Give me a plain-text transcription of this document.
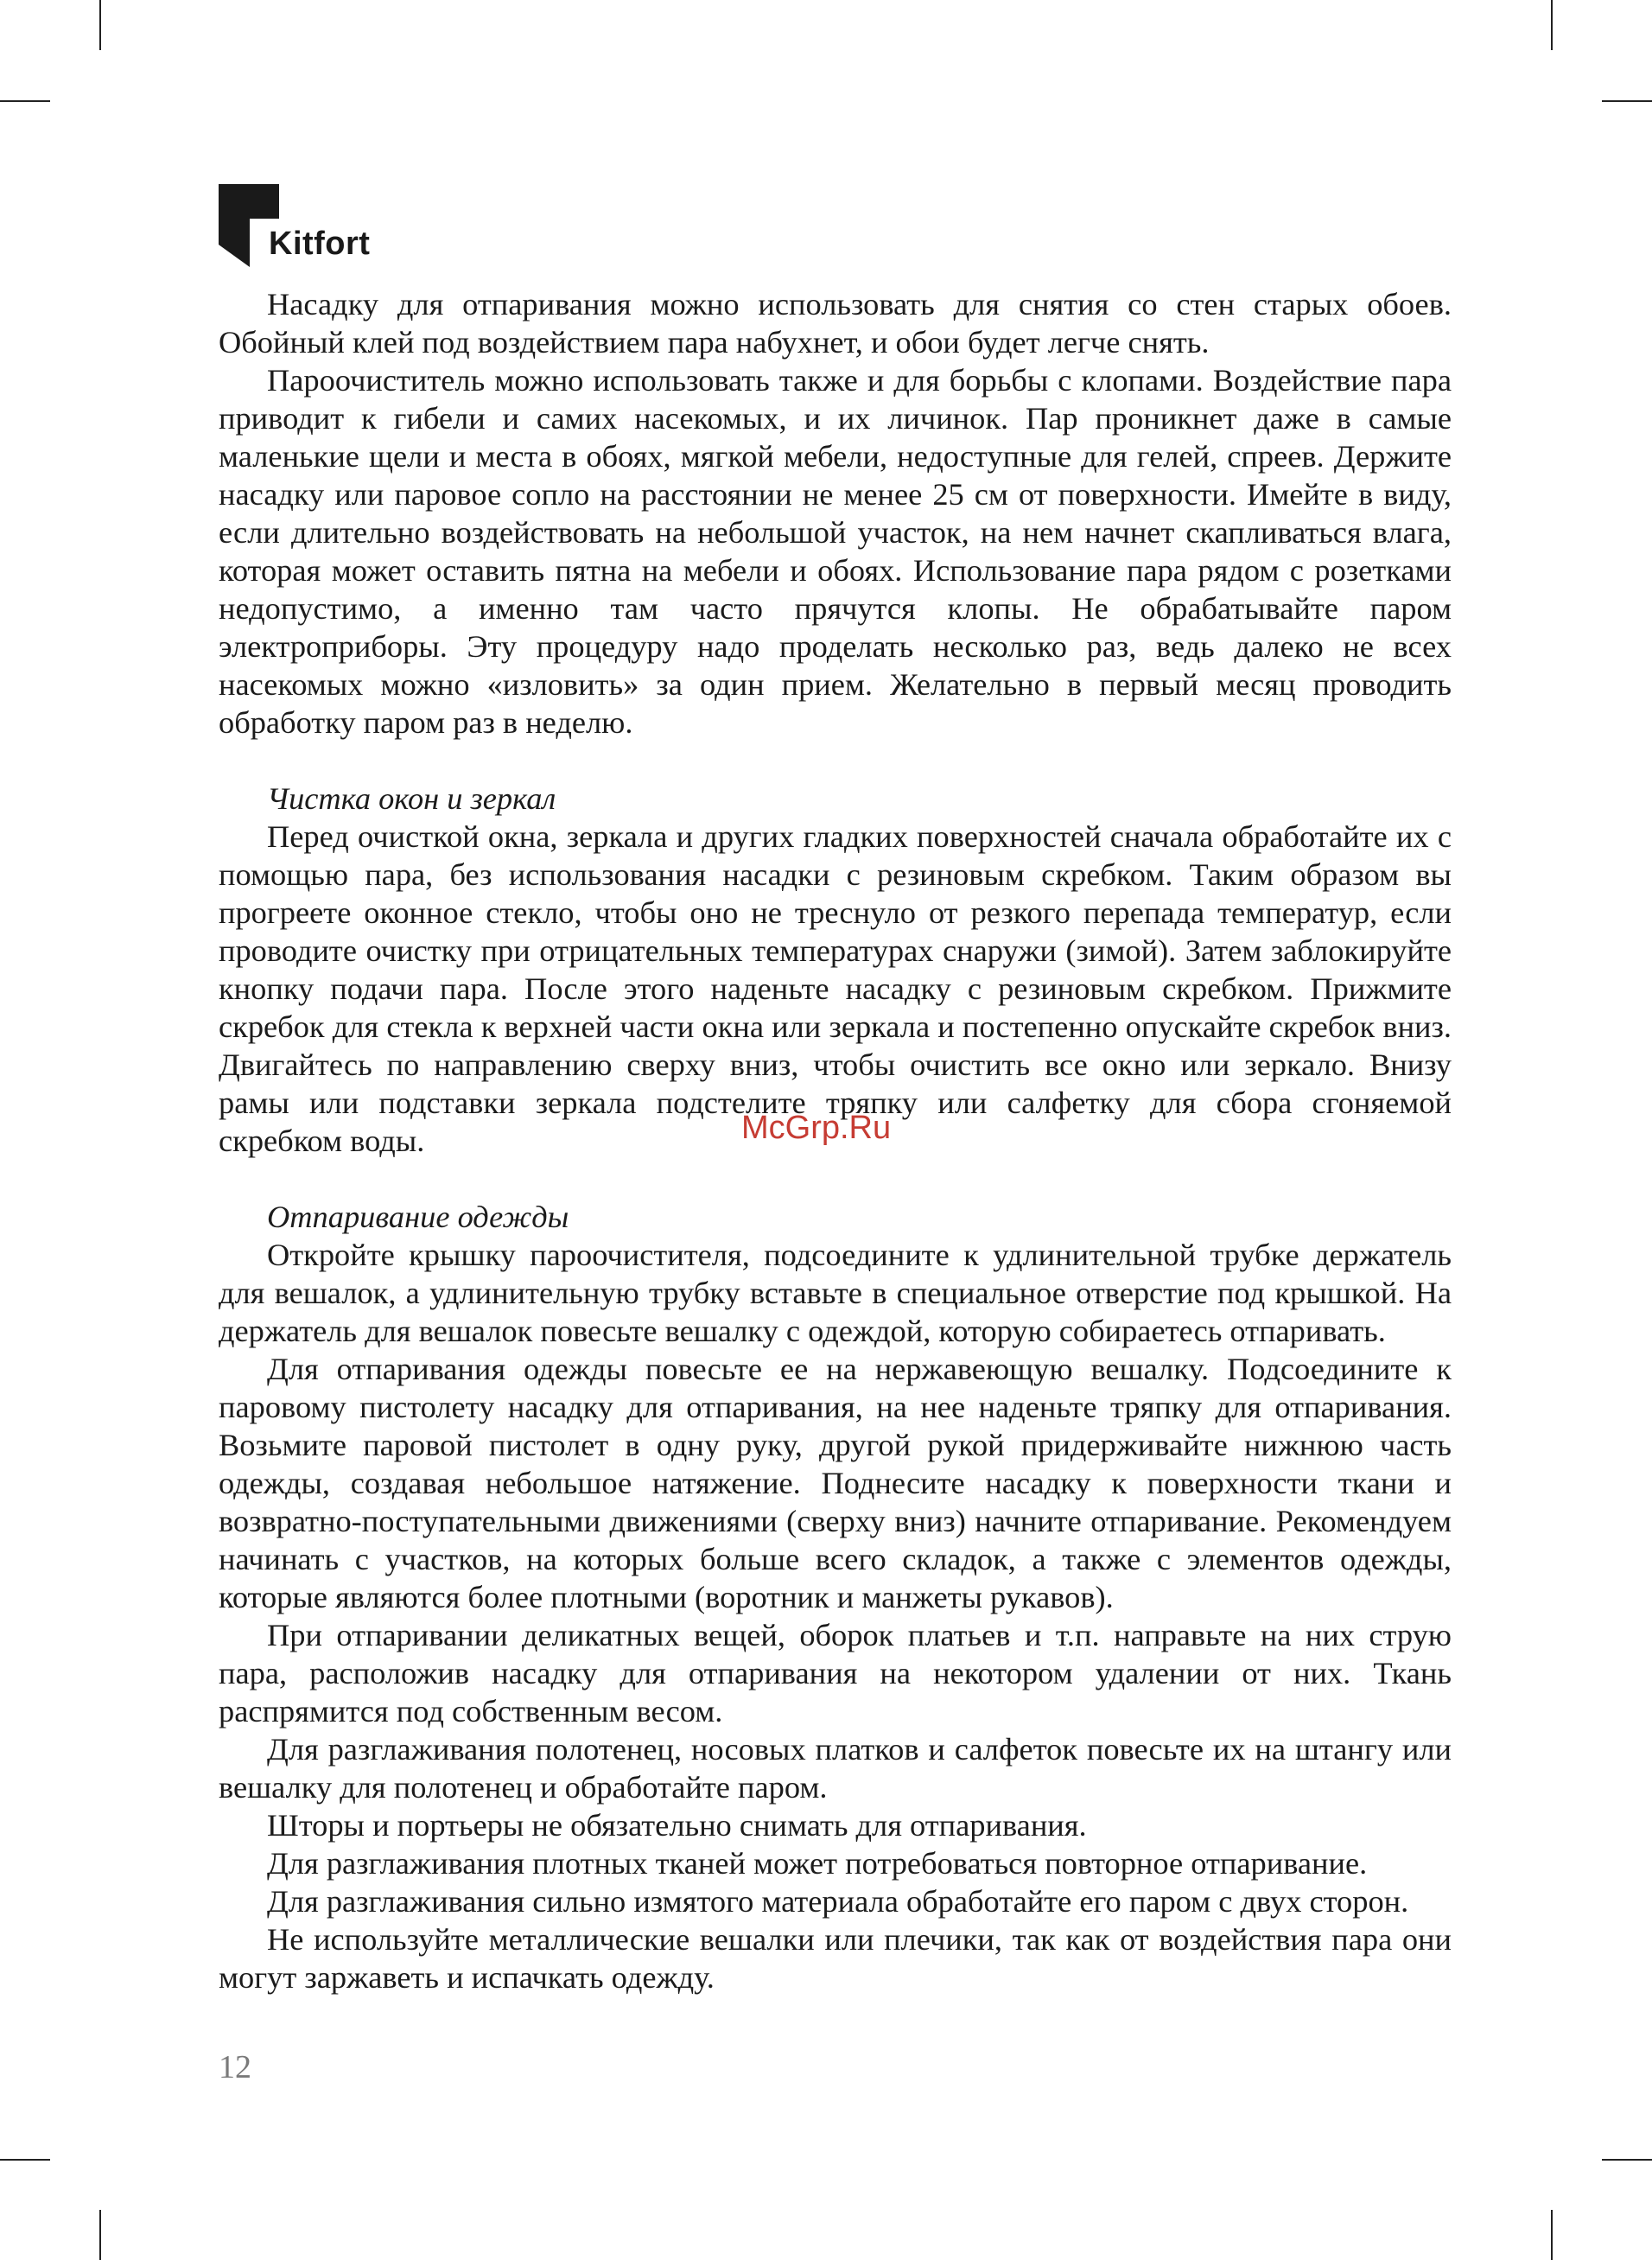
Kitfort

Насадку для отпаривания можно использовать для снятия со стен старых обоев. Обойный клей под воздействием пара набухнет, и обои будет легче снять.

Пароочиститель можно использовать также и для борьбы с клопами. Воздействие пара приводит к гибели и самих насекомых, и их личинок. Пар проникнет даже в самые маленькие щели и места в обоях, мягкой мебели, недоступные для гелей, спреев. Держите насадку или паровое сопло на расстоянии не менее 25 см от поверхности. Имейте в виду, если длительно воздействовать на небольшой участок, на нем начнет скапливаться влага, которая может оставить пятна на мебели и обоях. Использование пара рядом с розетками недопустимо, а именно там часто прячутся клопы. Не обрабатывайте паром электроприборы. Эту процедуру надо проделать несколько раз, ведь далеко не всех насекомых можно «изловить» за один прием. Желательно в первый месяц проводить обработку паром раз в неделю.

Чистка окон и зеркал

Перед очисткой окна, зеркала и других гладких поверхностей сначала обработайте их с помощью пара, без использования насадки с резиновым скребком. Таким образом вы прогреете оконное стекло, чтобы оно не треснуло от резкого перепада температур, если проводите очистку при отрицательных температурах снаружи (зимой). Затем заблокируйте кнопку подачи пара. После этого наденьте насадку с резиновым скребком. Прижмите скребок для стекла к верхней части окна или зеркала и постепенно опускайте скребок вниз. Двигайтесь по направлению сверху вниз, чтобы очистить все окно или зеркало. Внизу рамы или подставки зеркала подстелите тряпку или салфетку для сбора сгоняемой скребком воды.

Отпаривание одежды

Откройте крышку пароочистителя, подсоедините к удлинительной трубке держатель для вешалок, а удлинительную трубку вставьте в специальное отверстие под крышкой. На держатель для вешалок повесьте вешалку с одеждой, которую собираетесь отпаривать.

Для отпаривания одежды повесьте ее на нержавеющую вешалку. Подсоедините к паровому пистолету насадку для отпаривания, на нее наденьте тряпку для отпаривания. Возьмите паровой пистолет в одну руку, другой рукой придерживайте нижнюю часть одежды, создавая небольшое натяжение. Поднесите насадку к поверхности ткани и возвратно-поступательными движениями (сверху вниз) начните отпаривание. Рекомендуем начинать с участков, на которых больше всего складок, а также с элементов одежды, которые являются более плотными (воротник и манжеты рукавов).

При отпаривании деликатных вещей, оборок платьев и т.п. направьте на них струю пара, расположив насадку для отпаривания на некотором удалении от них. Ткань распрямится под собственным весом.

Для разглаживания полотенец, носовых платков и салфеток повесьте их на штангу или вешалку для полотенец и обработайте паром.

Шторы и портьеры не обязательно снимать для отпаривания.

Для разглаживания плотных тканей может потребоваться повторное отпаривание.

Для разглаживания сильно измятого материала обработайте его паром с двух сторон.

Не используйте металлические вешалки или плечики, так как от воздействия пара они могут заржаветь и испачкать одежду.

McGrp.Ru
12
